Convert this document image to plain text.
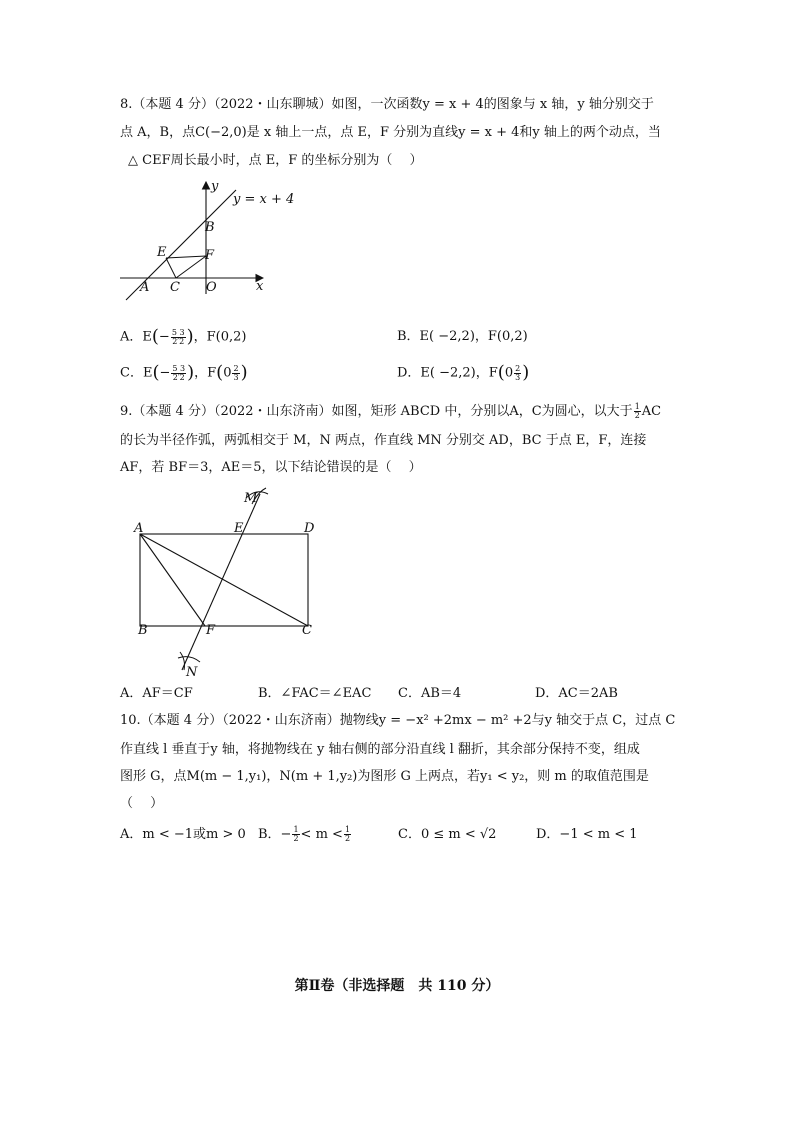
8.（本题 4 分）（2022・山东聊城）如图，一次函数y = x + 4的图象与 x 轴，y 轴分别交于
点 A，B，点C(−2,0)是 x 轴上一点，点 E，F 分别为直线y = x + 4和y 轴上的两个动点，当
△ CEF周长最小时，点 E，F 的坐标分别为（　 ）
y = x + 4
y
x
B
E	F
A C O
A．$E(- \frac{5 3}{2'2}$ )，F(0,2)	B．E( −2,2)，F(0,2)
C．$E(- \frac{5 3}{2'2}$ )，$F(0 \frac{2}{3}$ )	D．E( −2,2)，$F(0 \frac{2}{3}$ )
9.（本题 4 分）（2022・山东济南）如图，矩形 ABCD 中，分别以A，C为圆心，以大于 $\frac{1}{2}$ AC
的长为半径作弧，两弧相交于 M，N 两点，作直线 MN 分别交 AD，BC 于点 E，F，连接
AF，若 BF＝3，AE＝5，以下结论错误的是（　 ）
M
A	E	D
B	F	C
N
A．AF＝CF	B．∠FAC＝∠EAC C．AB＝4	D．AC＝2AB
10.（本题 4 分）（2022・山东济南）抛物线y = −x² +2mx − m² +2与y 轴交于点 C，过点 C
作直线 l 垂直于y 轴，将抛物线在 y 轴右侧的部分沿直线 l 翻折，其余部分保持不变，组成
图形 G，点M(m − 1,y₁)，N(m + 1,y₂)为图形 G 上两点，若y₁ < y₂，则 m 的取值范围是
（　 ）
A．m < −1或m > 0 B．− $\frac{1}{2} < m < \frac{1}{2}$	C．0 ≤ m < √2	D．−1 < m < 1
第Ⅱ卷（非选择题　共 110 分）
